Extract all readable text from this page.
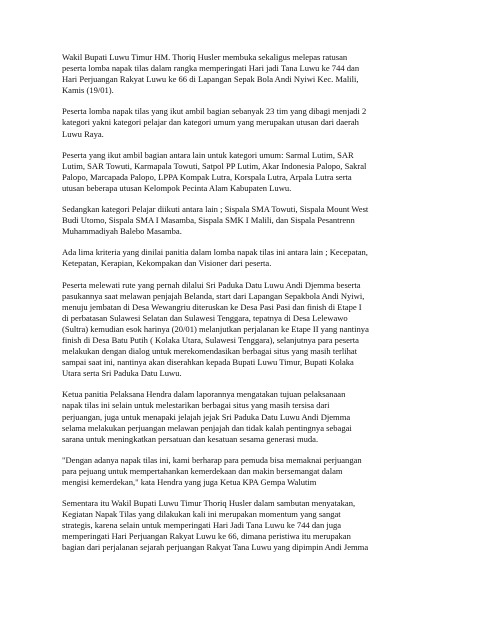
Wakil Bupati Luwu Timur HM. Thoriq Husler membuka sekaligus melepas ratusan
peserta lomba napak tilas dalam rangka memperingati Hari jadi Tana Luwu ke 744 dan
Hari Perjuangan Rakyat Luwu ke 66 di Lapangan Sepak Bola Andi Nyiwi Kec. Malili,
Kamis (19/01).
Peserta lomba napak tilas yang ikut ambil bagian sebanyak 23 tim yang dibagi menjadi 2
kategori yakni kategori pelajar dan kategori umum yang merupakan utusan dari daerah
Luwu Raya.
Peserta yang ikut ambil bagian antara lain untuk kategori umum: Sarmal Lutim, SAR
Lutim, SAR Towuti, Karmapala Towuti, Satpol PP Lutim, Akar Indonesia Palopo, Sakral
Palopo, Marcapada Palopo, LPPA Kompak Lutra, Korspala Lutra, Arpala Lutra serta
utusan beberapa utusan Kelompok Pecinta Alam Kabupaten Luwu.
Sedangkan kategori Pelajar diikuti antara lain ; Sispala SMA Towuti, Sispala Mount West
Budi Utomo, Sispala SMA I Masamba, Sispala SMK I Malili, dan Sispala Pesantrenn
Muhammadiyah Balebo Masamba.
Ada lima kriteria yang dinilai panitia dalam lomba napak tilas ini antara lain ; Kecepatan,
Ketepatan, Kerapian, Kekompakan dan Visioner dari peserta.
Peserta melewati rute yang pernah dilalui Sri Paduka Datu Luwu Andi Djemma beserta
pasukannya saat melawan penjajah Belanda, start dari Lapangan Sepakbola Andi Nyiwi,
menuju jembatan di Desa Wewangriu diteruskan ke Desa Pasi Pasi dan finish di Etape I
di perbatasan Sulawesi Selatan dan Sulawesi Tenggara, tepatnya di Desa Lelewawo
(Sultra) kemudian esok harinya (20/01) melanjutkan perjalanan ke Etape II yang nantinya
finish di Desa Batu Putih ( Kolaka Utara, Sulawesi Tenggara), selanjutnya para peserta
melakukan dengan dialog untuk merekomendasikan berbagai situs yang masih terlihat
sampai saat ini, nantinya akan diserahkan kepada Bupati Luwu Timur, Bupati Kolaka
Utara serta Sri Paduka Datu Luwu.
Ketua panitia Pelaksana Hendra dalam laporannya mengatakan tujuan pelaksanaan
napak tilas ini selain untuk melestarikan berbagai situs yang masih tersisa dari
perjuangan, juga untuk menapaki jelajah jejak Sri Paduka Datu Luwu Andi Djemma
selama melakukan perjuangan melawan penjajah dan tidak kalah pentingnya sebagai
sarana untuk meningkatkan persatuan dan kesatuan sesama generasi muda.
"Dengan adanya napak tilas ini, kami berharap para pemuda bisa memaknai perjuangan
para pejuang untuk mempertahankan kemerdekaan dan makin bersemangat dalam
mengisi kemerdekan," kata Hendra yang juga Ketua KPA Gempa Walutim
Sementara itu Wakil Bupati Luwu Timur Thoriq Husler dalam sambutan menyatakan,
Kegiatan Napak Tilas yang dilakukan kali ini merupakan momentum yang sangat
strategis, karena selain untuk memperingati Hari Jadi Tana Luwu ke 744 dan juga
memperingati Hari Perjuangan Rakyat Luwu ke 66, dimana peristiwa itu merupakan
bagian dari perjalanan sejarah perjuangan Rakyat Tana Luwu yang dipimpin Andi Jemma
